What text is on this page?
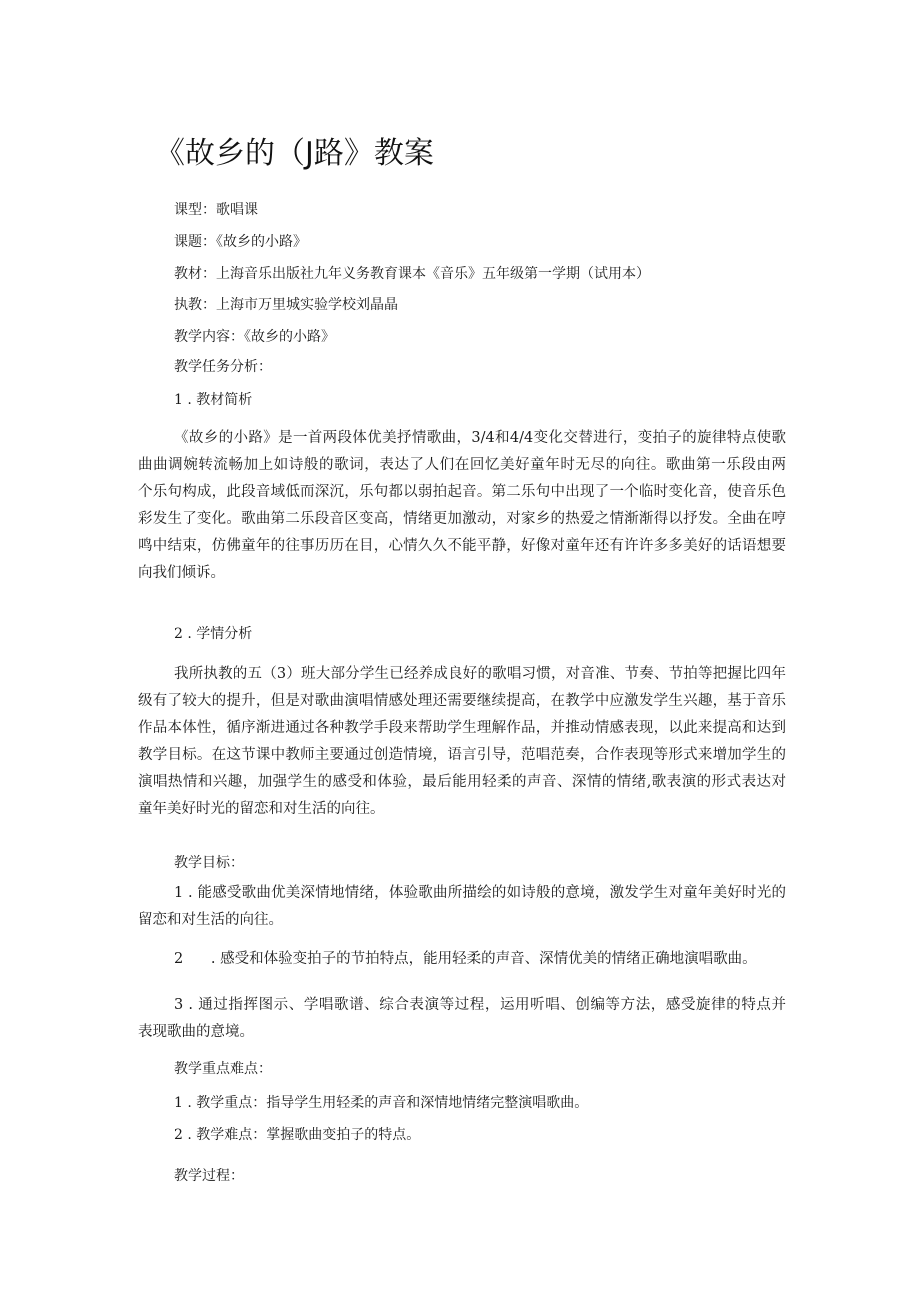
《故乡的（J路》教案
课型：歌唱课
课题：《故乡的小路》
教材：上海音乐出版社九年义务教育课本《音乐》五年级第一学期（试用本）
执教：上海市万里城实验学校刘晶晶
教学内容：《故乡的小路》
教学任务分析：
1 . 教材简析
《故乡的小路》是一首两段体优美抒情歌曲，3/4和4/4变化交替进行，变拍子的旋律特点使歌
曲曲调婉转流畅加上如诗般的歌词，表达了人们在回忆美好童年时无尽的向往。歌曲第一乐段由两
个乐句构成，此段音域低而深沉，乐句都以弱拍起音。第二乐句中出现了一个临时变化音，使音乐色
彩发生了变化。歌曲第二乐段音区变高，情绪更加激动，对家乡的热爱之情渐渐得以抒发。全曲在哼
鸣中结束，仿佛童年的往事历历在目，心情久久不能平静，好像对童年还有许许多多美好的话语想要
向我们倾诉。
2 . 学情分析
我所执教的五（3）班大部分学生已经养成良好的歌唱习惯，对音准、节奏、节拍等把握比四年
级有了较大的提升，但是对歌曲演唱情感处理还需要继续提高，在教学中应激发学生兴趣，基于音乐
作品本体性，循序渐进通过各种教学手段来帮助学生理解作品，并推动情感表现，以此来提高和达到
教学目标。在这节课中教师主要通过创造情境，语言引导，范唱范奏，合作表现等形式来增加学生的
演唱热情和兴趣，加强学生的感受和体验，最后能用轻柔的声音、深情的情绪,歌表演的形式表达对
童年美好时光的留恋和对生活的向往。
教学目标：
1 . 能感受歌曲优美深情地情绪，体验歌曲所描绘的如诗般的意境，激发学生对童年美好时光的
留恋和对生活的向往。
2      . 感受和体验变拍子的节拍特点，能用轻柔的声音、深情优美的情绪正确地演唱歌曲。
3 . 通过指挥图示、学唱歌谱、综合表演等过程，运用听唱、创编等方法，感受旋律的特点并
表现歌曲的意境。
教学重点难点：
1 . 教学重点：指导学生用轻柔的声音和深情地情绪完整演唱歌曲。
2 . 教学难点：掌握歌曲变拍子的特点。
教学过程：
